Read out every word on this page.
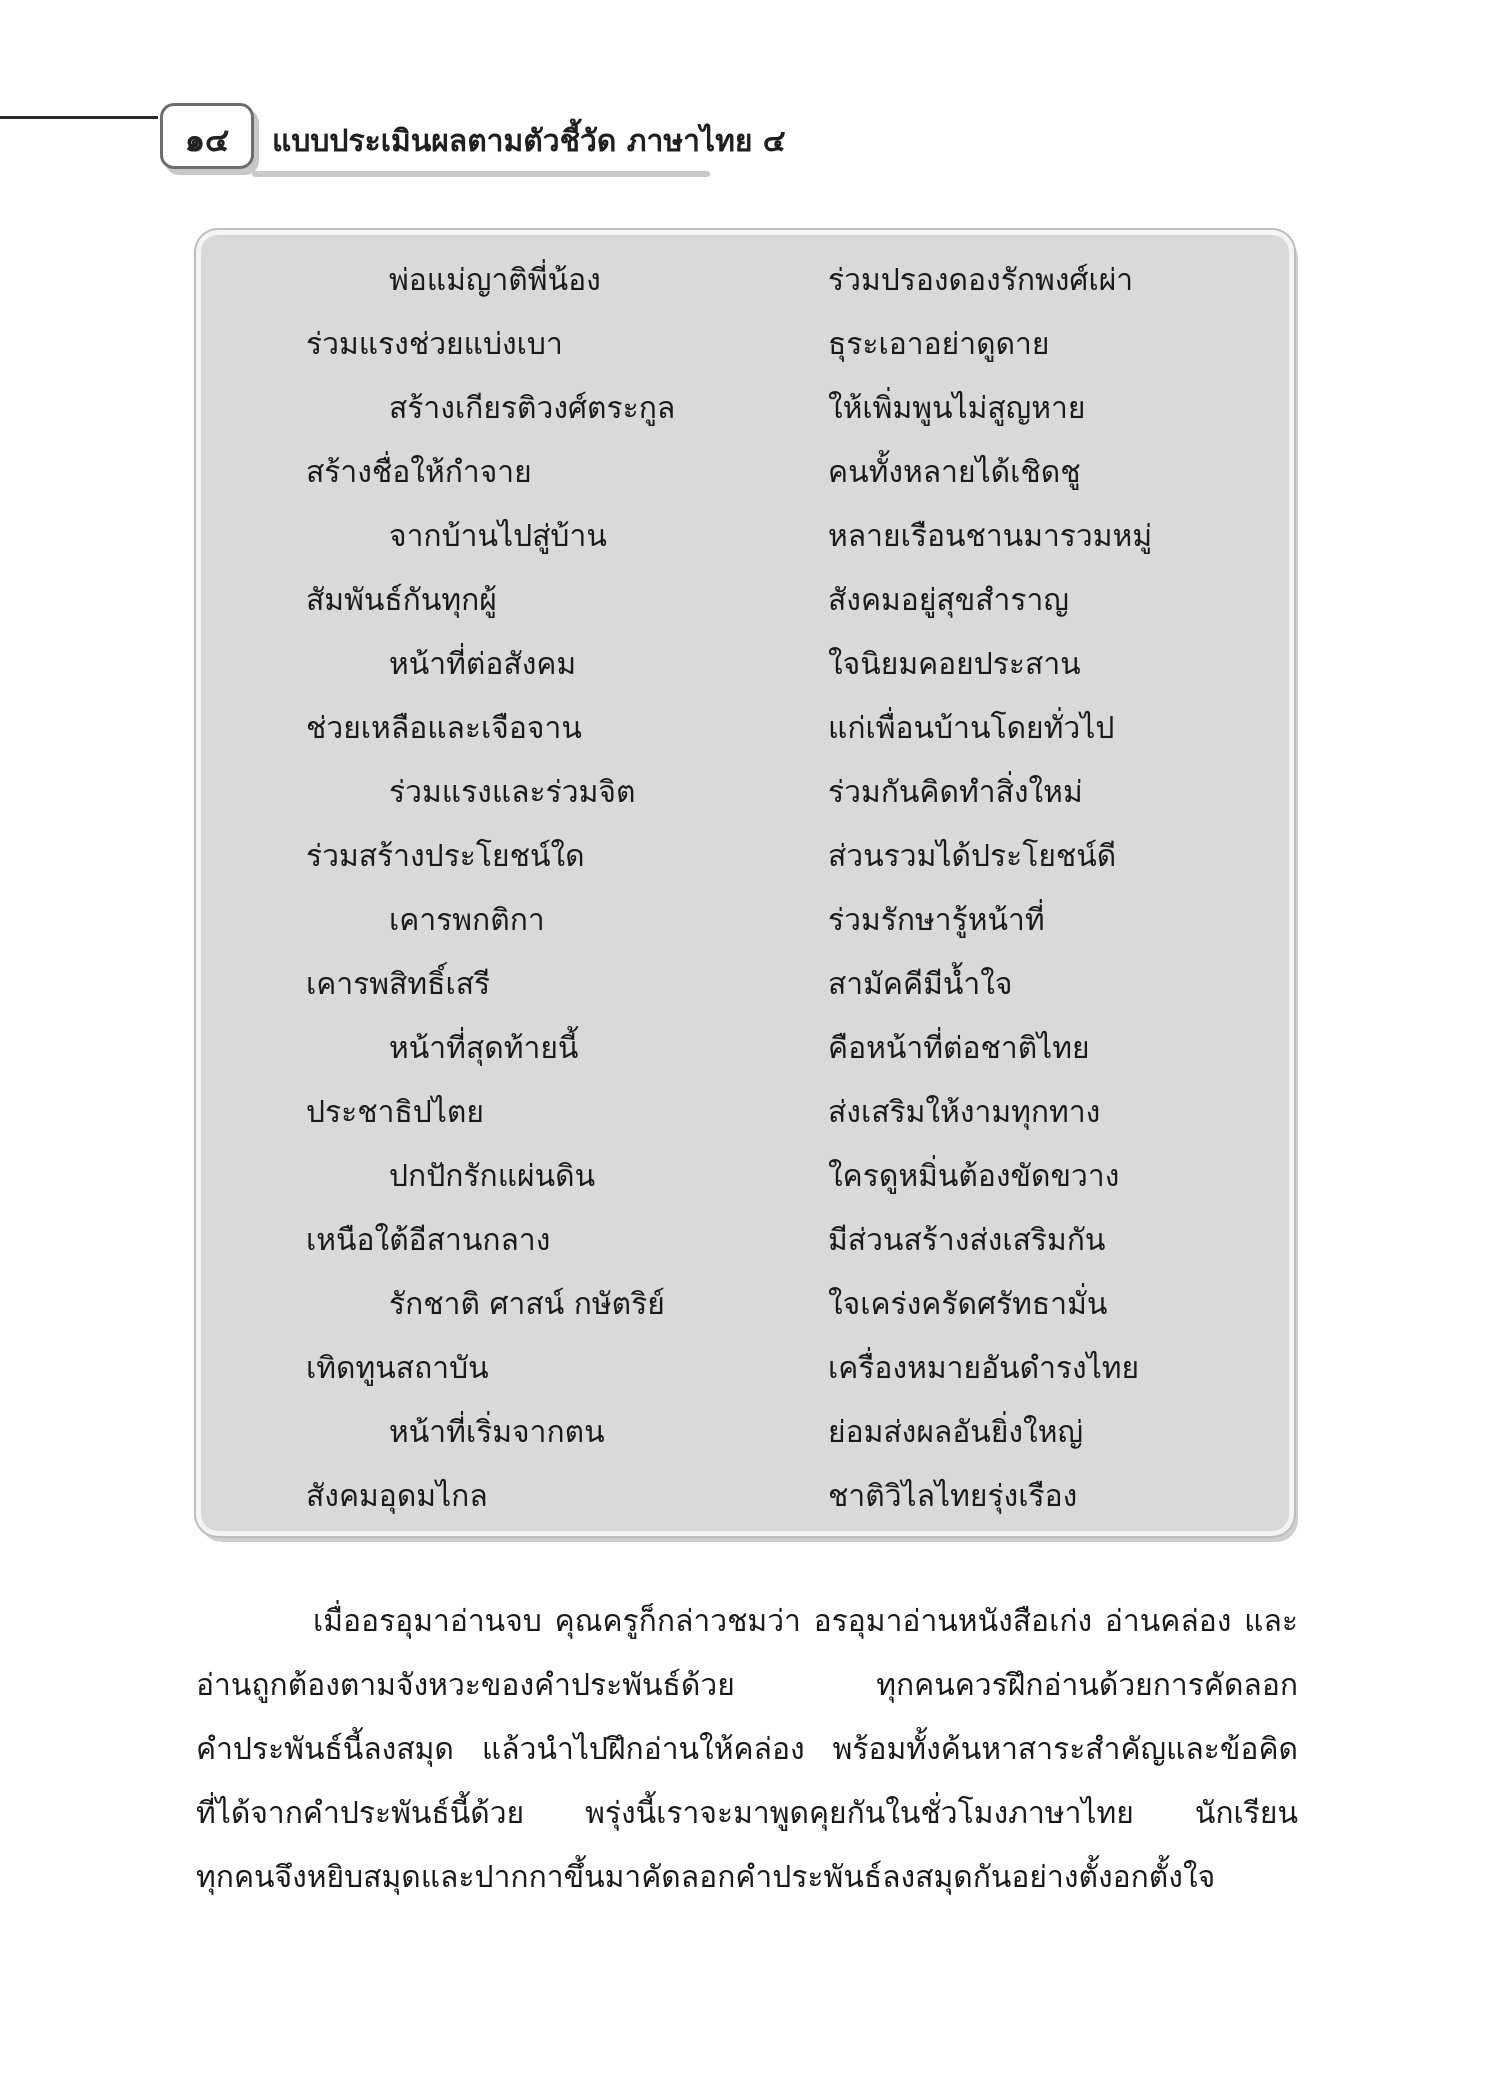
๑๔ แบบประเมินผลตามตัวชี้วัด ภาษาไทย ๔
พ่อแม่ญาติพี่น้อง	ร่วมปรองดองรักพงศ์เผ่า
ร่วมแรงช่วยแบ่งเบา	ธุระเอาอย่าดูดาย
สร้างเกียรติวงศ์ตระกูล	ให้เพิ่มพูนไม่สูญหาย
สร้างชื่อให้กำจาย	คนทั้งหลายได้เชิดชู
จากบ้านไปสู่บ้าน	หลายเรือนชานมารวมหมู่
สัมพันธ์กันทุกผู้	สังคมอยู่สุขสำราญ
หน้าที่ต่อสังคม	ใจนิยมคอยประสาน
ช่วยเหลือและเจือจาน	แก่เพื่อนบ้านโดยทั่วไป
ร่วมแรงและร่วมจิต	ร่วมกันคิดทำสิ่งใหม่
ร่วมสร้างประโยชน์ใด	ส่วนรวมได้ประโยชน์ดี
เคารพกติกา	ร่วมรักษารู้หน้าที่
เคารพสิทธิ์เสรี	สามัคคีมีน้ำใจ
หน้าที่สุดท้ายนี้	คือหน้าที่ต่อชาติไทย
ประชาธิปไตย	ส่งเสริมให้งามทุกทาง
ปกปักรักแผ่นดิน	ใครดูหมิ่นต้องขัดขวาง
เหนือใต้อีสานกลาง	มีส่วนสร้างส่งเสริมกัน
รักชาติ ศาสน์ กษัตริย์	ใจเคร่งครัดศรัทธามั่น
เทิดทูนสถาบัน	เครื่องหมายอันดำรงไทย
หน้าที่เริ่มจากตน	ย่อมส่งผลอันยิ่งใหญ่
สังคมอุดมไกล	ชาติวิไลไทยรุ่งเรือง
เมื่ออรอุมาอ่านจบ คุณครูก็กล่าวชมว่า อรอุมาอ่านหนังสือเก่ง อ่านคล่อง และ
อ่านถูกต้องตามจังหวะของคำประพันธ์ด้วย ทุกคนควรฝึกอ่านด้วยการคัดลอก
คำประพันธ์นี้ลงสมุด แล้วนำไปฝึกอ่านให้คล่อง พร้อมทั้งค้นหาสาระสำคัญและข้อคิด
ที่ได้จากคำประพันธ์นี้ด้วย พรุ่งนี้เราจะมาพูดคุยกันในชั่วโมงภาษาไทย นักเรียน
ทุกคนจึงหยิบสมุดและปากกาขึ้นมาคัดลอกคำประพันธ์ลงสมุดกันอย่างตั้งอกตั้งใจ
